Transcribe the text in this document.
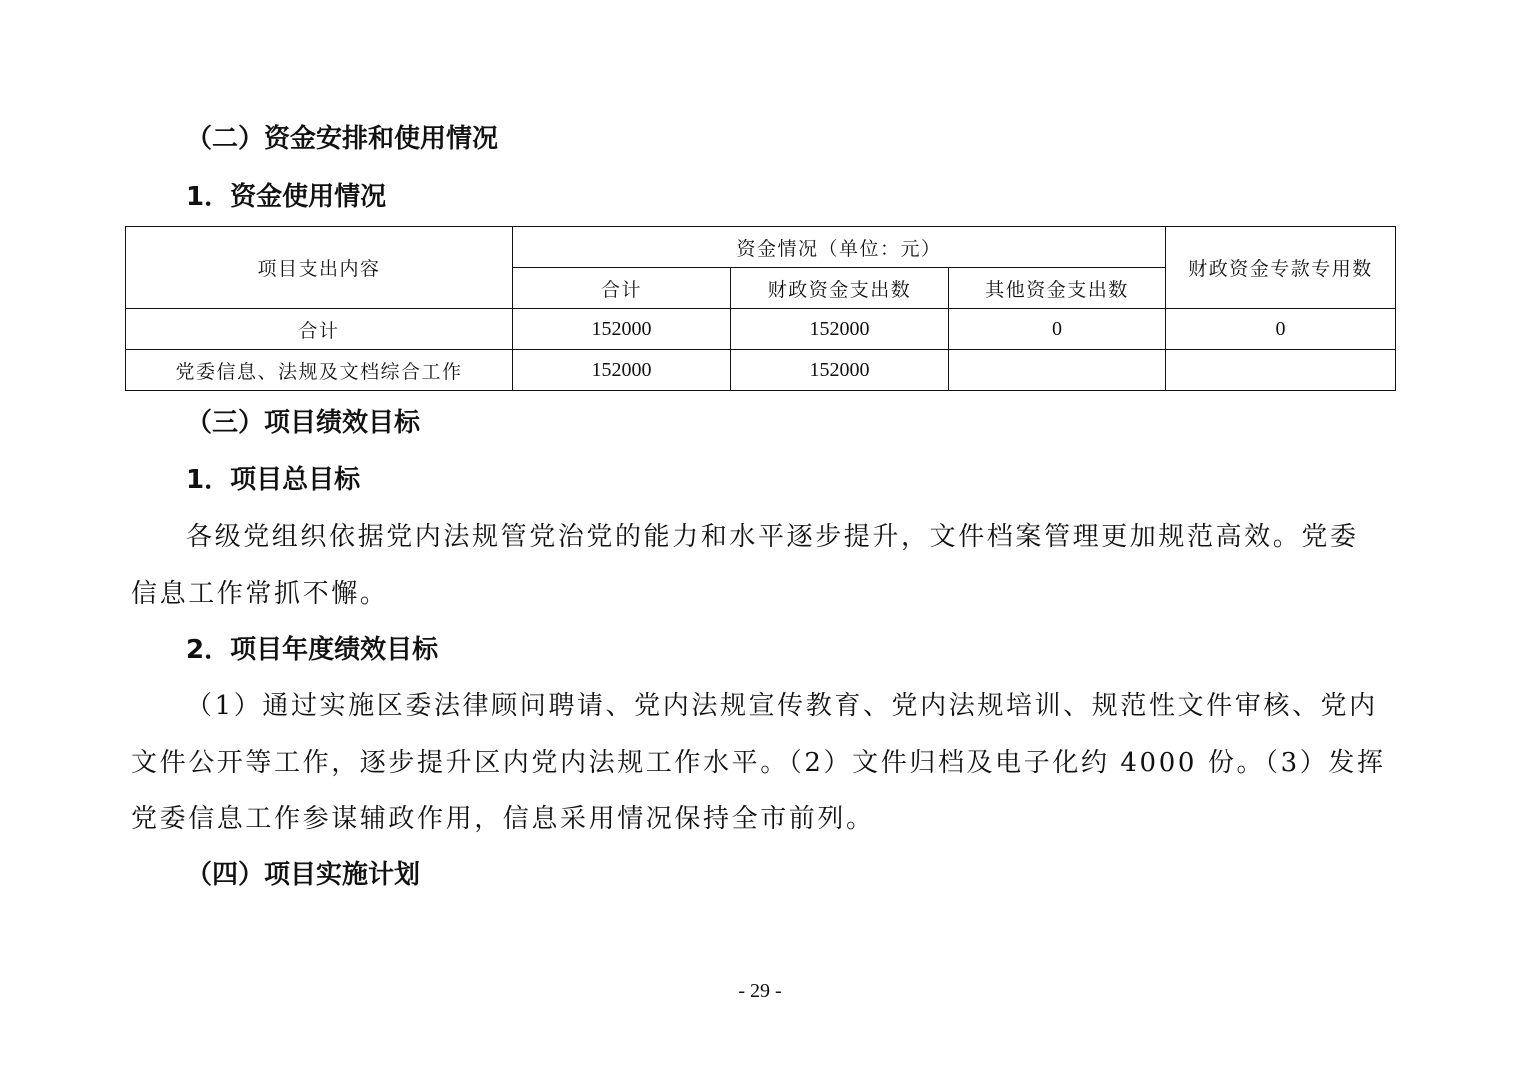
（二）资金安排和使用情况
1．资金使用情况
项目支出内容	资金情况（单位：元）			财政资金专款专用数
	合计	财政资金支出数	其他资金支出数	
合计	152000	152000	0	0
党委信息、法规及文档综合工作	152000	152000		
（三）项目绩效目标
1．项目总目标
各级党组织依据党内法规管党治党的能力和水平逐步提升，文件档案管理更加规范高效。党委
信息工作常抓不懈。
2．项目年度绩效目标
（1）通过实施区委法律顾问聘请、党内法规宣传教育、党内法规培训、规范性文件审核、党内
文件公开等工作，逐步提升区内党内法规工作水平。（2）文件归档及电子化约 4000 份。（3）发挥
党委信息工作参谋辅政作用，信息采用情况保持全市前列。
（四）项目实施计划
- 29 -
